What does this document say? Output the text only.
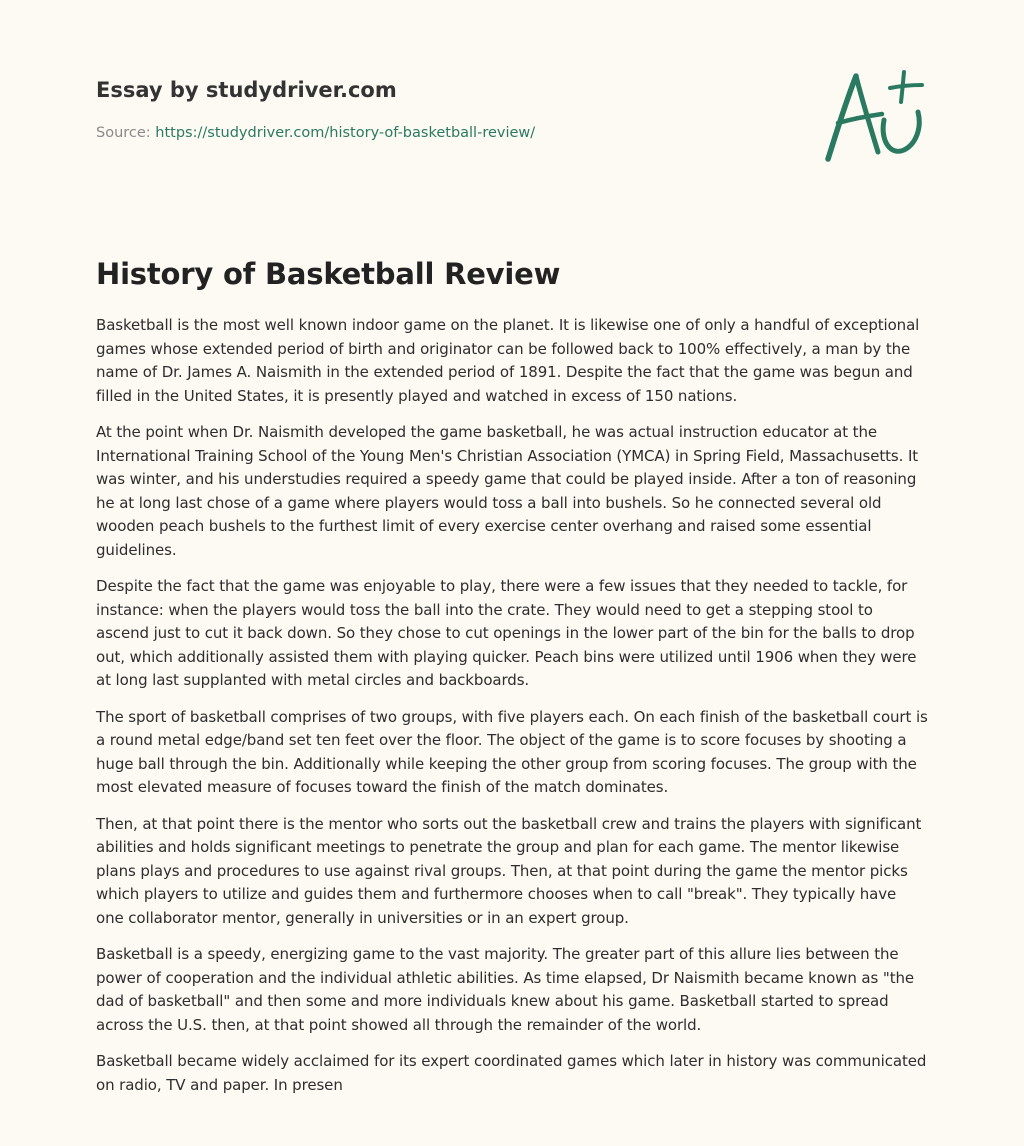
Essay by studydriver.com
Source: https://studydriver.com/history-of-basketball-review/
History of Basketball Review

Basketball is the most well known indoor game on the planet. It is likewise one of only a handful of exceptional games whose extended period of birth and originator can be followed back to 100% effectively, a man by the name of Dr. James A. Naismith in the extended period of 1891. Despite the fact that the game was begun and filled in the United States, it is presently played and watched in excess of 150 nations.

At the point when Dr. Naismith developed the game basketball, he was actual instruction educator at the International Training School of the Young Men's Christian Association (YMCA) in Spring Field, Massachusetts. It was winter, and his understudies required a speedy game that could be played inside. After a ton of reasoning he at long last chose of a game where players would toss a ball into bushels. So he connected several old wooden peach bushels to the furthest limit of every exercise center overhang and raised some essential guidelines.

Despite the fact that the game was enjoyable to play, there were a few issues that they needed to tackle, for instance: when the players would toss the ball into the crate. They would need to get a stepping stool to ascend just to cut it back down. So they chose to cut openings in the lower part of the bin for the balls to drop out, which additionally assisted them with playing quicker. Peach bins were utilized until 1906 when they were at long last supplanted with metal circles and backboards.

The sport of basketball comprises of two groups, with five players each. On each finish of the basketball court is a round metal edge/band set ten feet over the floor. The object of the game is to score focuses by shooting a huge ball through the bin. Additionally while keeping the other group from scoring focuses. The group with the most elevated measure of focuses toward the finish of the match dominates.

Then, at that point there is the mentor who sorts out the basketball crew and trains the players with significant abilities and holds significant meetings to penetrate the group and plan for each game. The mentor likewise plans plays and procedures to use against rival groups. Then, at that point during the game the mentor picks which players to utilize and guides them and furthermore chooses when to call "break". They typically have one collaborator mentor, generally in universities or in an expert group.

Basketball is a speedy, energizing game to the vast majority. The greater part of this allure lies between the power of cooperation and the individual athletic abilities. As time elapsed, Dr Naismith became known as "the dad of basketball" and then some and more individuals knew about his game. Basketball started to spread across the U.S. then, at that point showed all through the remainder of the world.

Basketball became widely acclaimed for its expert coordinated games which later in history was communicated on radio, TV and paper. In presen
